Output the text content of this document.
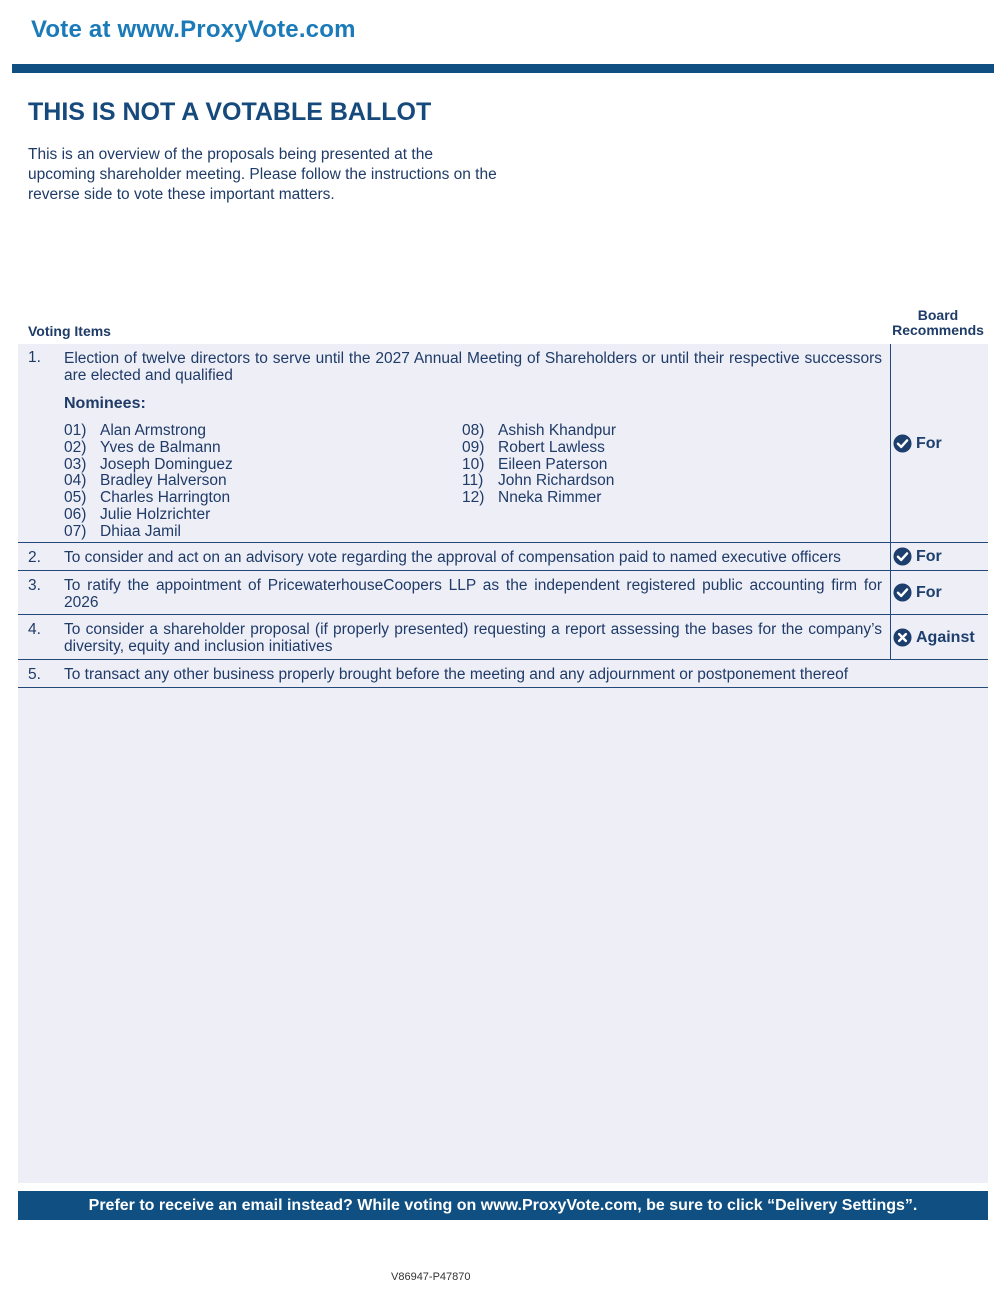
Vote at www.ProxyVote.com
THIS IS NOT A VOTABLE BALLOT
This is an overview of the proposals being presented at the upcoming shareholder meeting. Please follow the instructions on the reverse side to vote these important matters.
Voting Items
Board
Recommends
1. Election of twelve directors to serve until the 2027 Annual Meeting of Shareholders or until their respective successors are elected and qualified
Nominees:
01) Alan Armstrong
02) Yves de Balmann
03) Joseph Dominguez
04) Bradley Halverson
05) Charles Harrington
06) Julie Holzrichter
07) Dhiaa Jamil
08) Ashish Khandpur
09) Robert Lawless
10) Eileen Paterson
11) John Richardson
12) Nneka Rimmer
For
2. To consider and act on an advisory vote regarding the approval of compensation paid to named executive officers	For
3. To ratify the appointment of PricewaterhouseCoopers LLP as the independent registered public accounting firm for 2026
For
4. To consider a shareholder proposal (if properly presented) requesting a report assessing the bases for the company’s diversity, equity and inclusion initiatives
Against
5. To transact any other business properly brought before the meeting and any adjournment or postponement thereof
Prefer to receive an email instead? While voting on www.ProxyVote.com, be sure to click “Delivery Settings”.
V86947-P47870
